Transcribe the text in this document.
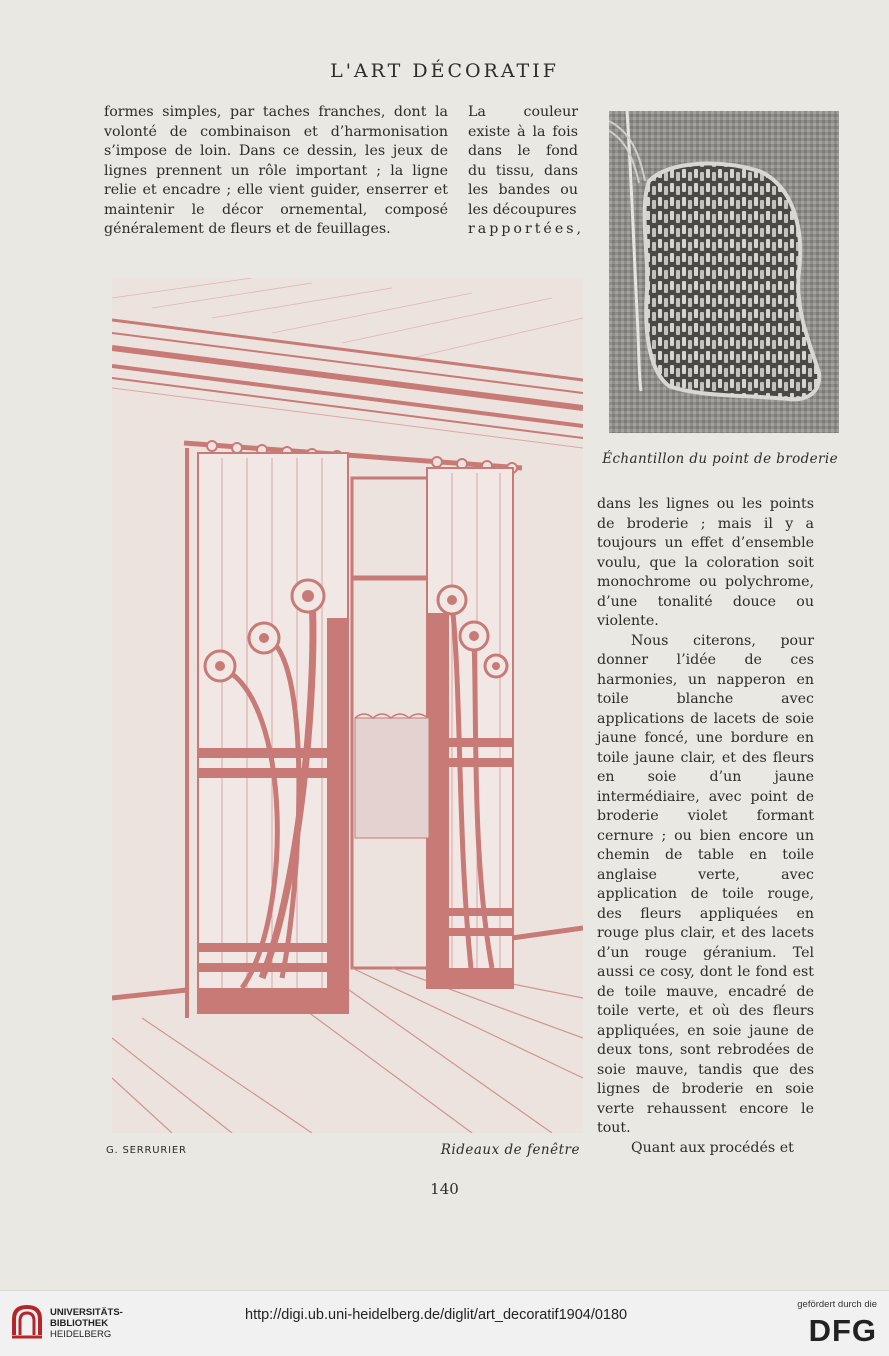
L'ART DÉCORATIF

formes simples, par taches franches, dont la volonté de combinaison et d’harmonisation s’impose de loin. Dans ce dessin, les jeux de lignes prennent un rôle important ; la ligne relie et encadre ; elle vient guider, enserrer et maintenir le décor ornemental, composé généralement de fleurs et de feuillages.

La couleur existe à la fois dans le fond du tissu, dans les bandes ou les découpures

rapportées,

Échantillon du point de broderie
G. SERRURIER	Rideaux de fenêtre

dans les lignes ou les points de broderie ; mais il y a toujours un effet d’ensemble voulu, que la coloration soit monochrome ou polychrome, d’une tonalité douce ou violente.

Nous citerons, pour donner l’idée de ces harmonies, un napperon en toile blanche avec applications de lacets de soie jaune foncé, une bordure en toile jaune clair, et des fleurs en soie d’un jaune intermédiaire, avec point de broderie violet formant cernure ; ou bien encore un chemin de table en toile anglaise verte, avec application de toile rouge, des fleurs appliquées en rouge plus clair, et des lacets d’un rouge géranium. Tel aussi ce cosy, dont le fond est de toile mauve, encadré de toile verte, et où des fleurs appliquées, en soie jaune de deux tons, sont rebrodées de soie mauve, tandis que des lignes de broderie en soie verte rehaussent encore le tout.

Quant aux procédés et

140
UNIVERSITÄTS-
BIBLIOTHEK
HEIDELBERG
http://digi.ub.uni-heidelberg.de/diglit/art_decoratif1904/0180
gefördert durch die
DFG
